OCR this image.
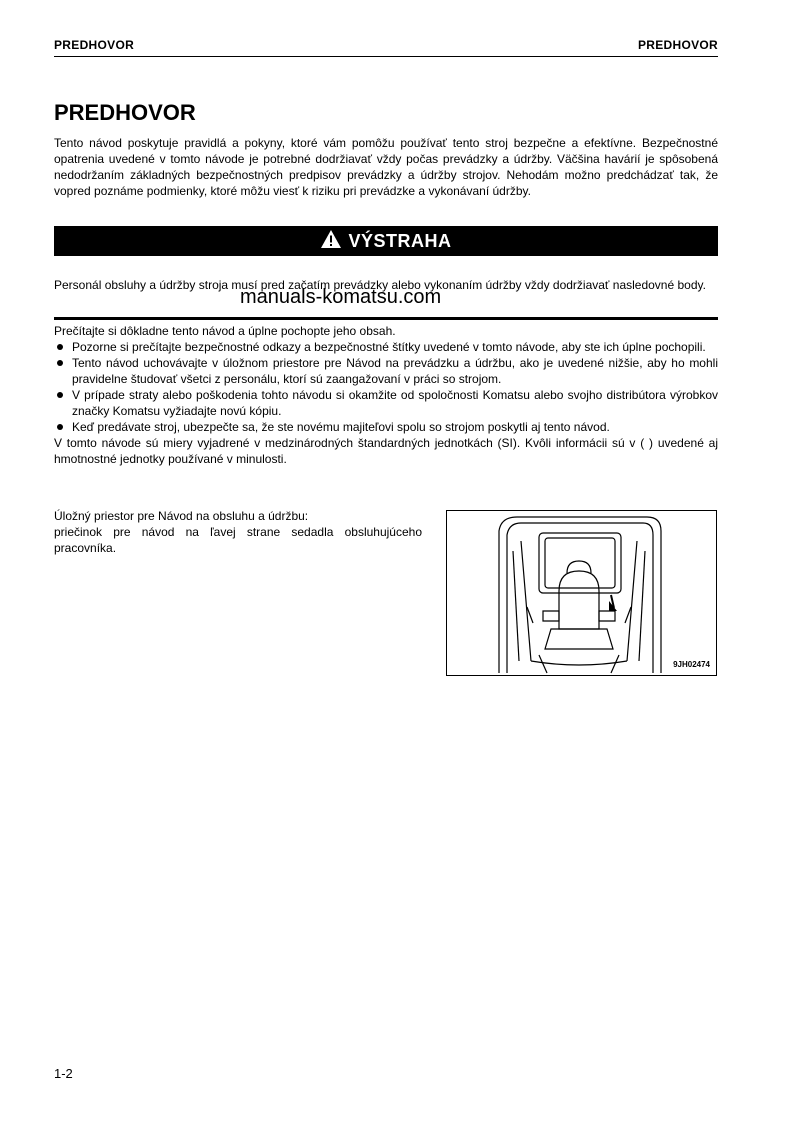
PREDHOVOR	PREDHOVOR
PREDHOVOR

Tento návod poskytuje pravidlá a pokyny, ktoré vám pomôžu používať tento stroj bezpečne a efektívne. Bezpečnostné opatrenia uvedené v tomto návode je potrebné dodržiavať vždy počas prevádzky a údržby. Väčšina havárií je spôsobená nedodržaním základných bezpečnostných predpisov prevádzky a údržby strojov. Nehodám možno predchádzať tak, že vopred poznáme podmienky, ktoré môžu viesť k riziku pri prevádzke a vykonávaní údržby.

VÝSTRAHA

Personál obsluhy a údržby stroja musí pred začatím prevádzky alebo vykonaním údržby vždy dodržiavať nasledovné body.

manuals-komatsu.com
Prečítajte si dôkladne tento návod a úplne pochopte jeho obsah.
Pozorne si prečítajte bezpečnostné odkazy a bezpečnostné štítky uvedené v tomto návode, aby ste ich úplne pochopili.
Tento návod uchovávajte v úložnom priestore pre Návod na prevádzku a údržbu, ako je uvedené nižšie, aby ho mohli pravidelne študovať všetci z personálu, ktorí sú zaangažovaní v práci so strojom.
V prípade straty alebo poškodenia tohto návodu si okamžite od spoločnosti Komatsu alebo svojho distribútora výrobkov značky Komatsu vyžiadajte novú kópiu.
Keď predávate stroj, ubezpečte sa, že ste novému majiteľovi spolu so strojom poskytli aj tento návod.
V tomto návode sú miery vyjadrené v medzinárodných štandardných jednotkách (SI). Kvôli informácii sú v ( ) uvedené aj hmotnostné jednotky používané v minulosti.
Úložný priestor pre Návod na obsluhu a údržbu:
priečinok pre návod na ľavej strane sedadla obsluhujúceho pracovníka.
9JH02474
1-2
